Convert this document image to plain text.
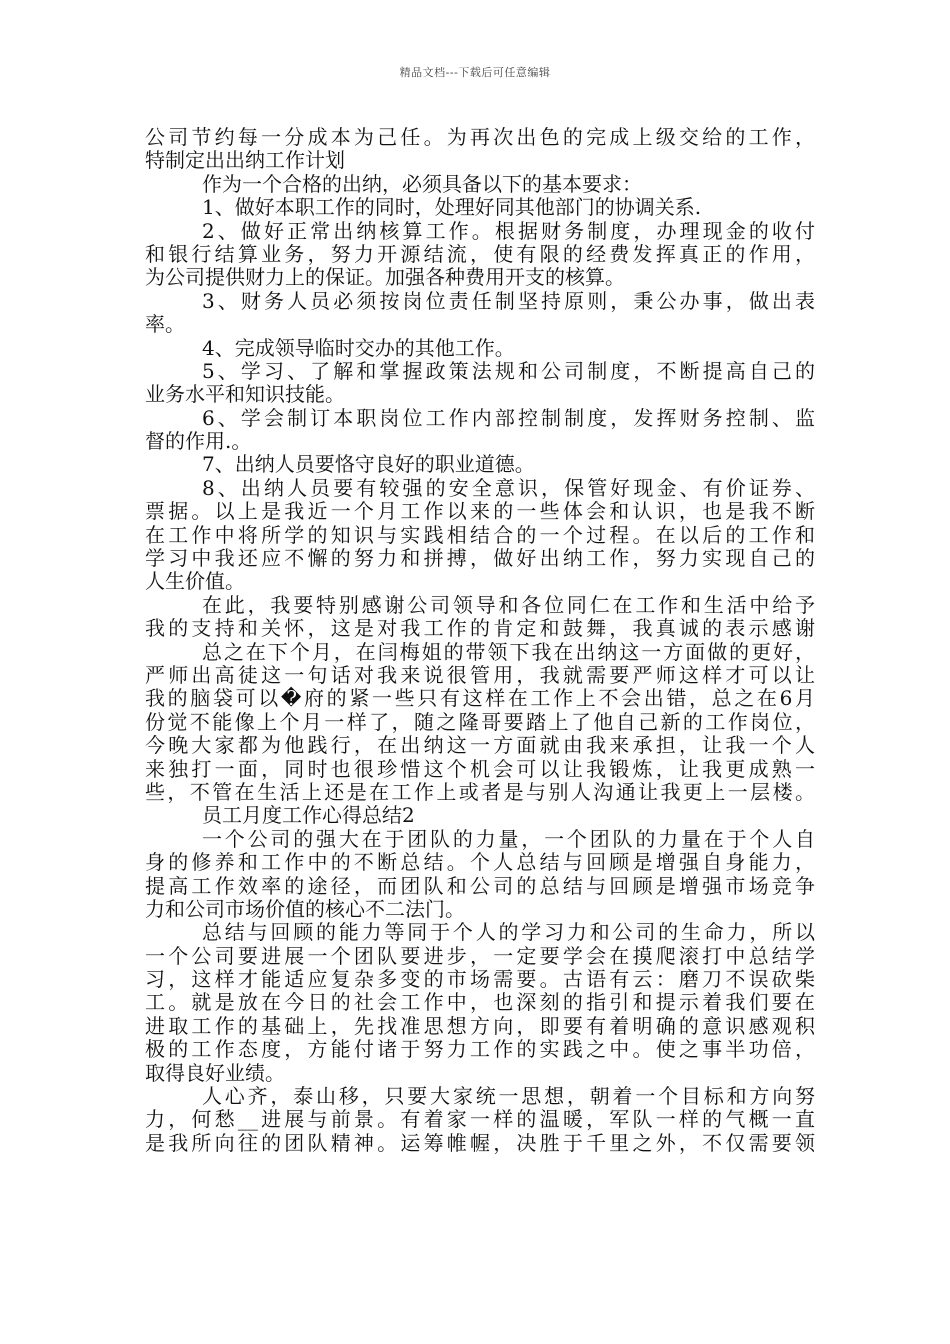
精品文档---下载后可任意编辑
公司节约每一分成本为己任。为再次出色的完成上级交给的工作，
特制定出出纳工作计划
作为一个合格的出纳，必须具备以下的基本要求：
1、做好本职工作的同时，处理好同其他部门的协调关系.
2、做好正常出纳核算工作。根据财务制度，办理现金的收付
和银行结算业务，努力开源结流，使有限的经费发挥真正的作用，
为公司提供财力上的保证。加强各种费用开支的核算。
3、财务人员必须按岗位责任制坚持原则，秉公办事，做出表
率。
4、完成领导临时交办的其他工作。
5、学习、了解和掌握政策法规和公司制度，不断提高自己的
业务水平和知识技能。
6、学会制订本职岗位工作内部控制制度，发挥财务控制、监
督的作用.。
7、出纳人员要恪守良好的职业道德。
8、出纳人员要有较强的安全意识，保管好现金、有价证券、
票据。以上是我近一个月工作以来的一些体会和认识，也是我不断
在工作中将所学的知识与实践相结合的一个过程。在以后的工作和
学习中我还应不懈的努力和拼搏，做好出纳工作，努力实现自己的
人生价值。
在此，我要特别感谢公司领导和各位同仁在工作和生活中给予
我的支持和关怀，这是对我工作的肯定和鼓舞，我真诚的表示感谢
总之在下个月，在闫梅姐的带领下我在出纳这一方面做的更好，
严师出高徒这一句话对我来说很管用，我就需要严师这样才可以让
我的脑袋可以�府的紧一些只有这样在工作上不会出错，总之在6月
份觉不能像上个月一样了，随之隆哥要踏上了他自己新的工作岗位，
今晚大家都为他践行，在出纳这一方面就由我来承担，让我一个人
来独打一面，同时也很珍惜这个机会可以让我锻炼，让我更成熟一
些，不管在生活上还是在工作上或者是与别人沟通让我更上一层楼。
员工月度工作心得总结2
一个公司的强大在于团队的力量，一个团队的力量在于个人自
身的修养和工作中的不断总结。个人总结与回顾是增强自身能力，
提高工作效率的途径，而团队和公司的总结与回顾是增强市场竞争
力和公司市场价值的核心不二法门。
总结与回顾的能力等同于个人的学习力和公司的生命力，所以
一个公司要进展一个团队要进步，一定要学会在摸爬滚打中总结学
习，这样才能适应复杂多变的市场需要。古语有云：磨刀不误砍柴
工。就是放在今日的社会工作中，也深刻的指引和提示着我们要在
进取工作的基础上，先找准思想方向，即要有着明确的意识感观积
极的工作态度，方能付诸于努力工作的实践之中。使之事半功倍，
取得良好业绩。
人心齐，泰山移，只要大家统一思想，朝着一个目标和方向努
力，何愁__进展与前景。有着家一样的温暖，军队一样的气概一直
是我所向往的团队精神。运筹帷幄，决胜于千里之外，不仅需要领
